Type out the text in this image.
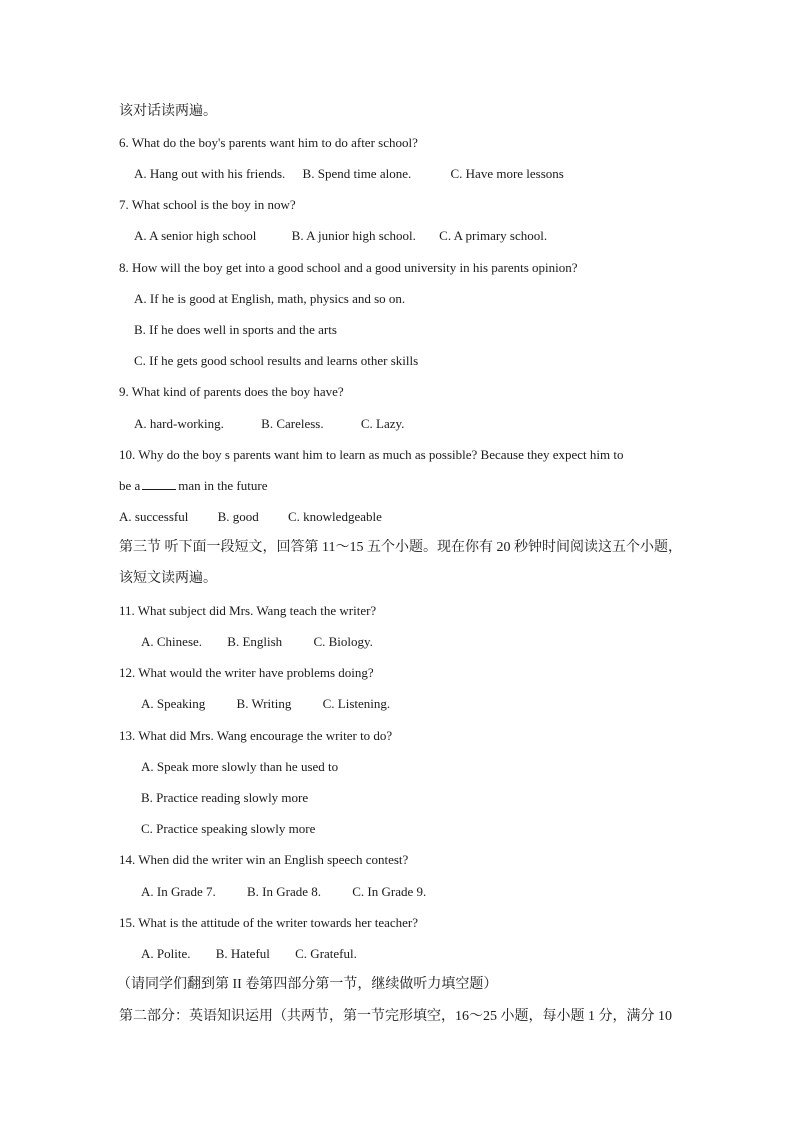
该对话读两遍。
6. What do the boy's parents want him to do after school?
A. Hang out with his friends. B. Spend time alone.	C. Have more lessons
7. What school is the boy in now?
A. A senior high school	B. A junior high school. C. A primary school.
8. How will the boy get into a good school and a good university in his parents opinion?
A. If he is good at English, math, physics and so on.
B. If he does well in sports and the arts
C. If he gets good school results and learns other skills
9. What kind of parents does the boy have?
A. hard-working.	B. Careless.	C. Lazy.
10. Why do the boy s parents want him to learn as much as possible? Because they expect him to
be a	man in the future
A. successful B. good C. knowledgeable
第三节 听下面一段短文，回答第 11～15 五个小题。现在你有 20 秒钟时间阅读这五个小题，
该短文读两遍。
11. What subject did Mrs. Wang teach the writer?
A. Chinese. B. English C. Biology.
12. What would the writer have problems doing?
A. Speaking B. Writing C. Listening.
13. What did Mrs. Wang encourage the writer to do?
A. Speak more slowly than he used to
B. Practice reading slowly more
C. Practice speaking slowly more
14. When did the writer win an English speech contest?
A. In Grade 7. B. In Grade 8. C. In Grade 9.
15. What is the attitude of the writer towards her teacher?
A. Polite. B. Hateful C. Grateful.
（请同学们翻到第 II 卷第四部分第一节，继续做听力填空题）
第二部分：英语知识运用（共两节，第一节完形填空，16～25 小题，每小题 1 分，满分 10
